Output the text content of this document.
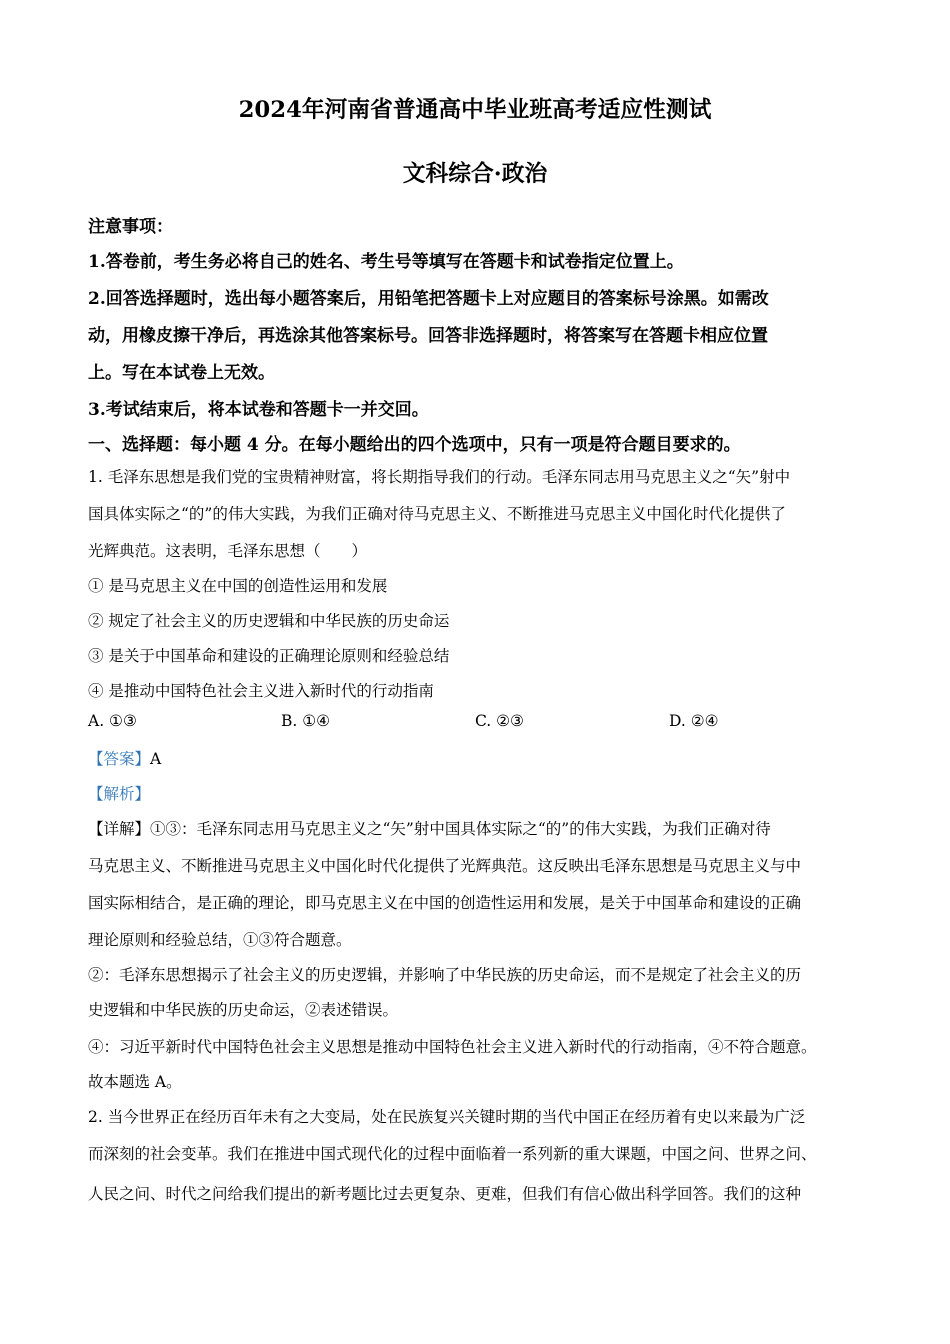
2024年河南省普通高中毕业班高考适应性测试
文科综合·政治
注意事项：
1.答卷前，考生务必将自己的姓名、考生号等填写在答题卡和试卷指定位置上。
2.回答选择题时，选出每小题答案后，用铅笔把答题卡上对应题目的答案标号涂黑。如需改
动，用橡皮擦干净后，再选涂其他答案标号。回答非选择题时，将答案写在答题卡相应位置
上。写在本试卷上无效。
3.考试结束后，将本试卷和答题卡一并交回。
一、选择题：每小题 4 分。在每小题给出的四个选项中，只有一项是符合题目要求的。
1. 毛泽东思想是我们党的宝贵精神财富，将长期指导我们的行动。毛泽东同志用马克思主义之“矢”射中
国具体实际之“的”的伟大实践，为我们正确对待马克思主义、不断推进马克思主义中国化时代化提供了
光辉典范。这表明，毛泽东思想（　　）
① 是马克思主义在中国的创造性运用和发展
② 规定了社会主义的历史逻辑和中华民族的历史命运
③ 是关于中国革命和建设的正确理论原则和经验总结
④ 是推动中国特色社会主义进入新时代的行动指南
A. ①③	B. ①④	C. ②③	D. ②④
【答案】A
【解析】
【详解】①③：毛泽东同志用马克思主义之“矢”射中国具体实际之“的”的伟大实践，为我们正确对待
马克思主义、不断推进马克思主义中国化时代化提供了光辉典范。这反映出毛泽东思想是马克思主义与中
国实际相结合，是正确的理论，即马克思主义在中国的创造性运用和发展，是关于中国革命和建设的正确
理论原则和经验总结，①③符合题意。
②：毛泽东思想揭示了社会主义的历史逻辑，并影响了中华民族的历史命运，而不是规定了社会主义的历
史逻辑和中华民族的历史命运，②表述错误。
④：习近平新时代中国特色社会主义思想是推动中国特色社会主义进入新时代的行动指南，④不符合题意。
故本题选 A。
2. 当今世界正在经历百年未有之大变局，处在民族复兴关键时期的当代中国正在经历着有史以来最为广泛
而深刻的社会变革。我们在推进中国式现代化的过程中面临着一系列新的重大课题，中国之问、世界之问、
人民之问、时代之问给我们提出的新考题比过去更复杂、更难，但我们有信心做出科学回答。我们的这种
